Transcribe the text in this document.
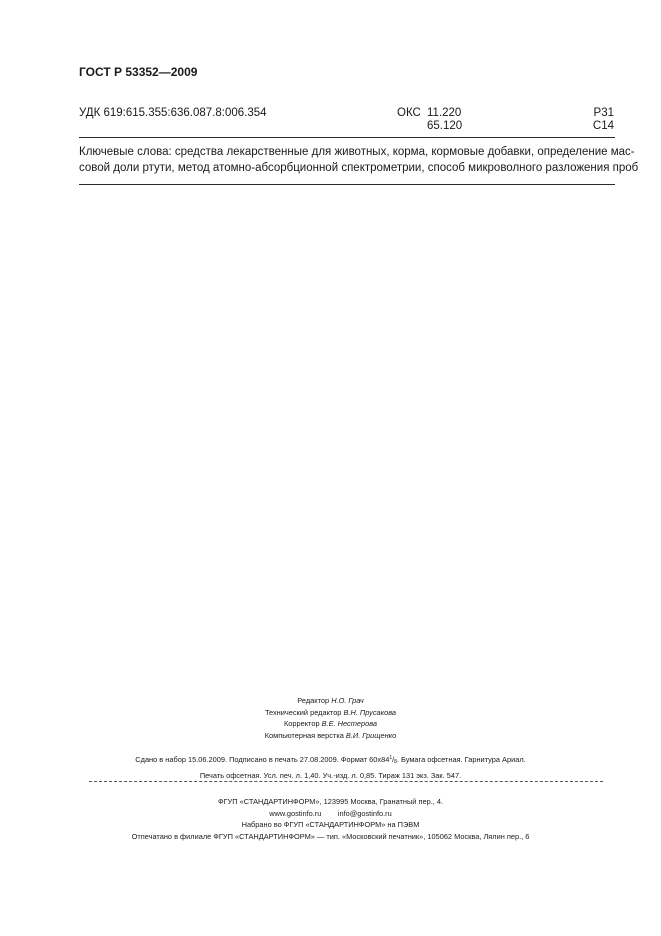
ГОСТ Р 53352—2009
УДК 619:615.355:636.087.8:006.354	ОКС 11.220
65.120
Р31
С14
Ключевые слова: средства лекарственные для животных, корма, кормовые добавки, определение мас-
совой доли ртути, метод атомно-абсорбционной спектрометрии, способ микроволного разложения проб
Редактор Н.О. Грач
Технический редактор В.Н. Прусакова
Корректор В.Е. Нестерова
Компьютерная верстка В.И. Грищенко
Сдано в набор 15.06.2009. Подписано в печать 27.08.2009. Формат $60х84^1/_8$. Бумага офсетная. Гарнитура Ариал.
Печать офсетная. Усл. печ. л. 1,40. Уч.-изд. л. 0,85. Тираж 131 экз. Зак. 547.
ФГУП «СТАНДАРТИНФОРМ», 123995 Москва, Гранатный пер., 4.
www.gostinfo.ru info@gostinfo.ru
Набрано во ФГУП «СТАНДАРТИНФОРМ» на ПЭВМ
Отпечатано в филиале ФГУП «СТАНДАРТИНФОРМ» — тип. «Московский печатник», 105062 Москва, Лялин пер., 6
